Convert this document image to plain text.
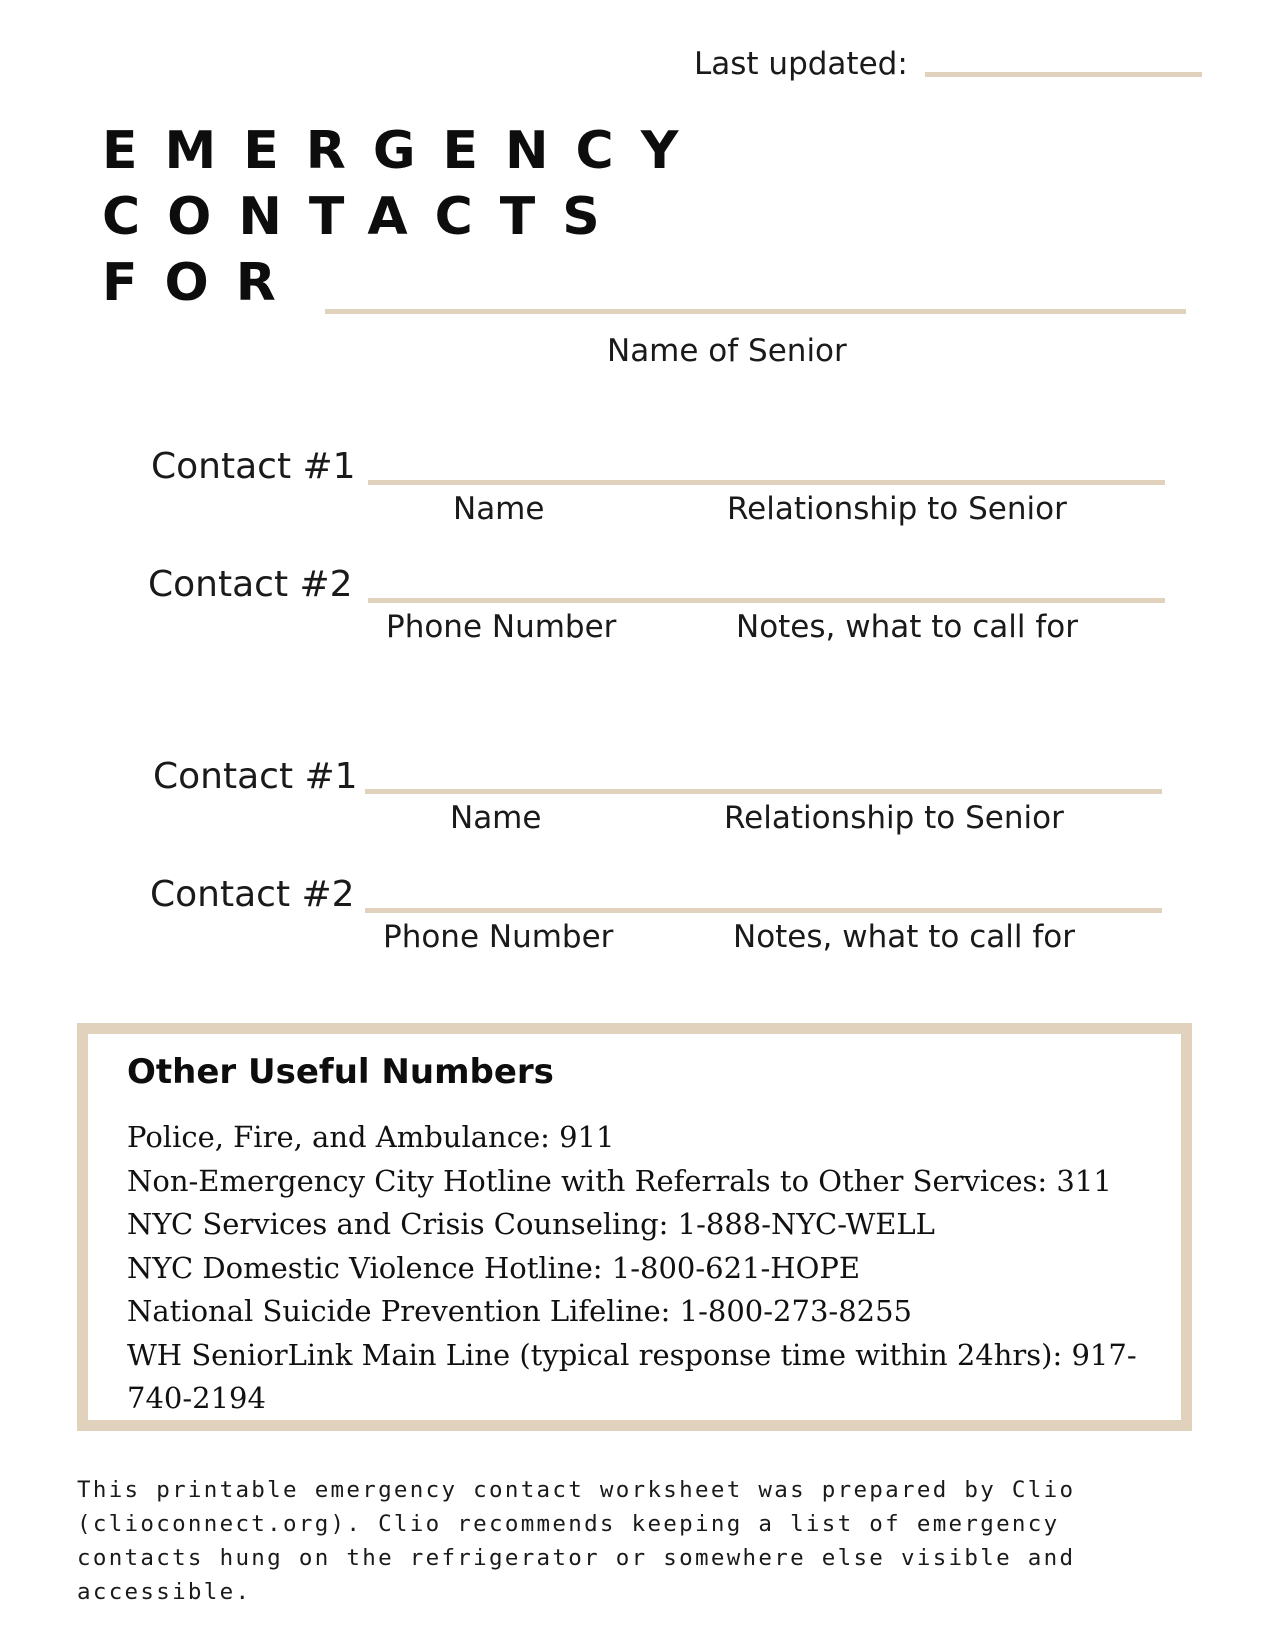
Last updated:
EMERGENCY
CONTACTS
FOR
Name of Senior
Contact #1
Name	Relationship to Senior
Contact #2
Phone Number	Notes, what to call for
Contact #1
Name	Relationship to Senior
Contact #2
Phone Number	Notes, what to call for
Other Useful Numbers
Police, Fire, and Ambulance: 911
Non-Emergency City Hotline with Referrals to Other Services: 311
NYC Services and Crisis Counseling: 1-888-NYC-WELL
NYC Domestic Violence Hotline: 1-800-621-HOPE
National Suicide Prevention Lifeline: 1-800-273-8255
WH SeniorLink Main Line (typical response time within 24hrs): 917-740-2194
This printable emergency contact worksheet was prepared by Clio (clioconnect.org). Clio recommends keeping a list of emergency contacts hung on the refrigerator or somewhere else visible and accessible.
